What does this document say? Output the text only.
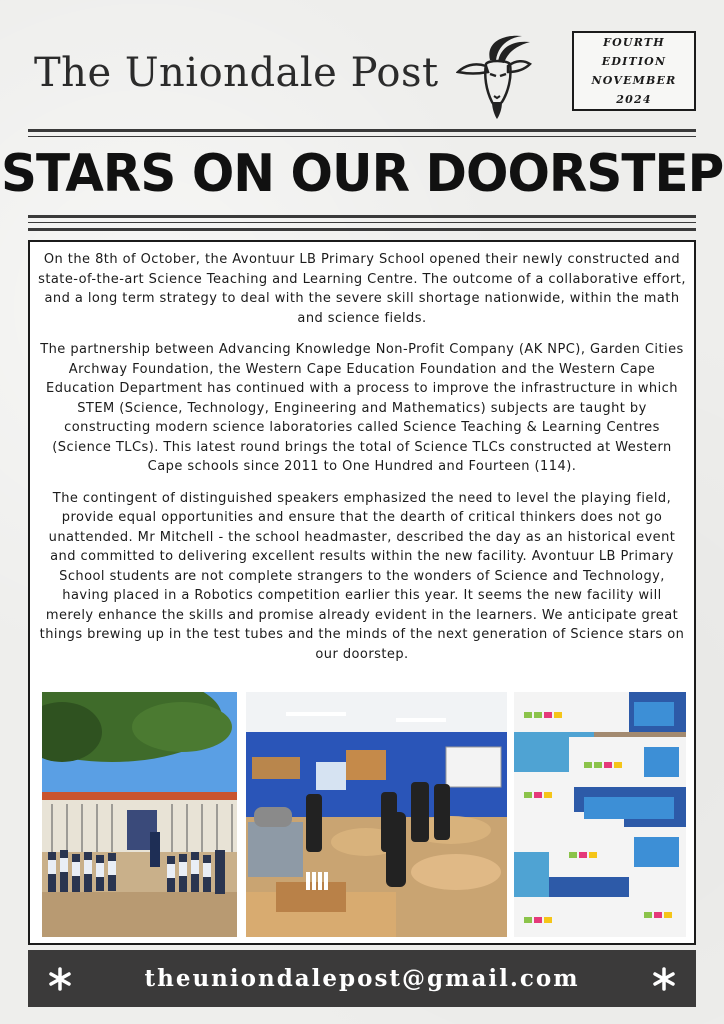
The Uniondale Post
FOURTH
EDITION
NOVEMBER
2024
STARS ON OUR DOORSTEP

On the 8th of October, the Avontuur LB Primary School opened their newly constructed and state-of-the-art Science Teaching and Learning Centre. The outcome of a collaborative effort, and a long term strategy to deal with the severe skill shortage nationwide, within the math and science fields.

The partnership between Advancing Knowledge Non-Profit Company (AK NPC), Garden Cities Archway Foundation, the Western Cape Education Foundation and the Western Cape Education Department has continued with a process to improve the infrastructure in which STEM (Science, Technology, Engineering and Mathematics) subjects are taught by constructing modern science laboratories called Science Teaching & Learning Centres (Science TLCs). This latest round brings the total of Science TLCs constructed at Western Cape schools since 2011 to One Hundred and Fourteen (114).

The contingent of distinguished speakers emphasized the need to level the playing field, provide equal opportunities and ensure that the dearth of critical thinkers does not go unattended. Mr Mitchell - the school headmaster, described the day as an historical event and committed to delivering excellent results within the new facility. Avontuur LB Primary School students are not complete strangers to the wonders of Science and Technology, having placed in a Robotics competition earlier this year. It seems the new facility will merely enhance the skills and promise already evident in the learners. We anticipate great things brewing up in the test tubes and the minds of the next generation of Science stars on our doorstep.

theuniondalepost@gmail.com
